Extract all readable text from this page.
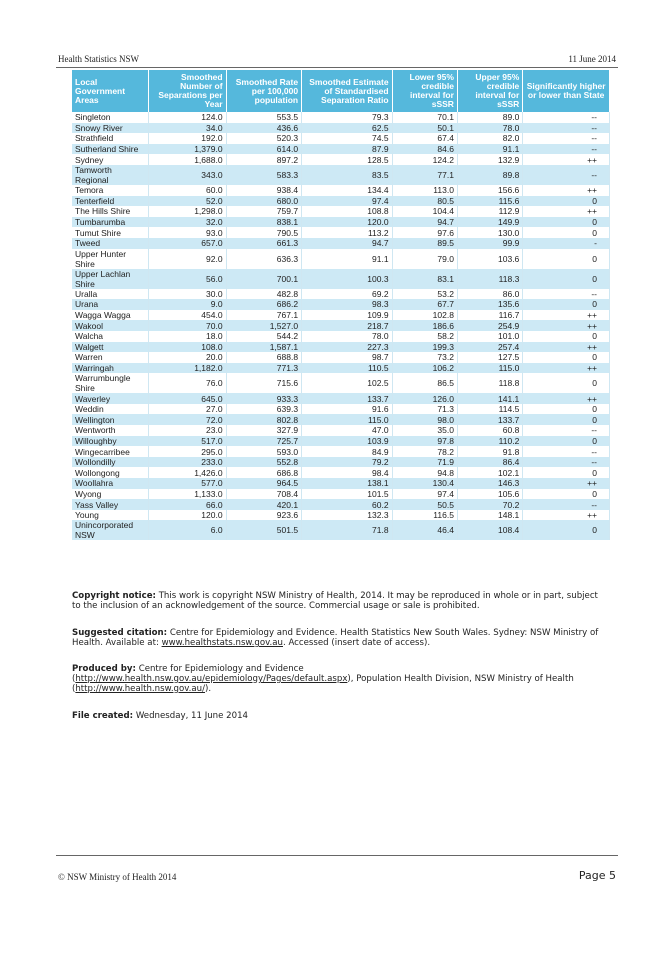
Health Statistics NSW	11 June 2014
Local Government Areas	Smoothed Number of Separations per Year	Smoothed Rate per 100,000 population	Smoothed Estimate of Standardised Separation Ratio	Lower 95% credible interval for sSSR	Upper 95% credible interval for sSSR	Significantly higher or lower than State
Singleton	124.0	553.5	79.3	70.1	89.0	--
Snowy River	34.0	436.6	62.5	50.1	78.0	--
Strathfield	192.0	520.3	74.5	67.4	82.0	--
Sutherland Shire	1,379.0	614.0	87.9	84.6	91.1	--
Sydney	1,688.0	897.2	128.5	124.2	132.9	++
Tamworth Regional	343.0	583.3	83.5	77.1	89.8	--
Temora	60.0	938.4	134.4	113.0	156.6	++
Tenterfield	52.0	680.0	97.4	80.5	115.6	0
The Hills Shire	1,298.0	759.7	108.8	104.4	112.9	++
Tumbarumba	32.0	838.1	120.0	94.7	149.9	0
Tumut Shire	93.0	790.5	113.2	97.6	130.0	0
Tweed	657.0	661.3	94.7	89.5	99.9	-
Upper Hunter Shire	92.0	636.3	91.1	79.0	103.6	0
Upper Lachlan Shire	56.0	700.1	100.3	83.1	118.3	0
Uralla	30.0	482.8	69.2	53.2	86.0	--
Urana	9.0	686.2	98.3	67.7	135.6	0
Wagga Wagga	454.0	767.1	109.9	102.8	116.7	++
Wakool	70.0	1,527.0	218.7	186.6	254.9	++
Walcha	18.0	544.2	78.0	58.2	101.0	0
Walgett	108.0	1,587.1	227.3	199.3	257.4	++
Warren	20.0	688.8	98.7	73.2	127.5	0
Warringah	1,182.0	771.3	110.5	106.2	115.0	++
Warrumbungle Shire	76.0	715.6	102.5	86.5	118.8	0
Waverley	645.0	933.3	133.7	126.0	141.1	++
Weddin	27.0	639.3	91.6	71.3	114.5	0
Wellington	72.0	802.8	115.0	98.0	133.7	0
Wentworth	23.0	327.9	47.0	35.0	60.8	--
Willoughby	517.0	725.7	103.9	97.8	110.2	0
Wingecarribee	295.0	593.0	84.9	78.2	91.8	--
Wollondilly	233.0	552.8	79.2	71.9	86.4	--
Wollongong	1,426.0	686.8	98.4	94.8	102.1	0
Woollahra	577.0	964.5	138.1	130.4	146.3	++
Wyong	1,133.0	708.4	101.5	97.4	105.6	0
Yass Valley	66.0	420.1	60.2	50.5	70.2	--
Young	120.0	923.6	132.3	116.5	148.1	++
Unincorporated NSW	6.0	501.5	71.8	46.4	108.4	0
Copyright notice: This work is copyright NSW Ministry of Health, 2014. It may be reproduced in whole or in part, subject to the inclusion of an acknowledgement of the source. Commercial usage or sale is prohibited.
Suggested citation: Centre for Epidemiology and Evidence. Health Statistics New South Wales. Sydney: NSW Ministry of Health. Available at: www.healthstats.nsw.gov.au. Accessed (insert date of access).
Produced by: Centre for Epidemiology and Evidence
(http://www.health.nsw.gov.au/epidemiology/Pages/default.aspx), Population Health Division, NSW Ministry of Health (http://www.health.nsw.gov.au/).
File created: Wednesday, 11 June 2014
© NSW Ministry of Health 2014	Page 5
